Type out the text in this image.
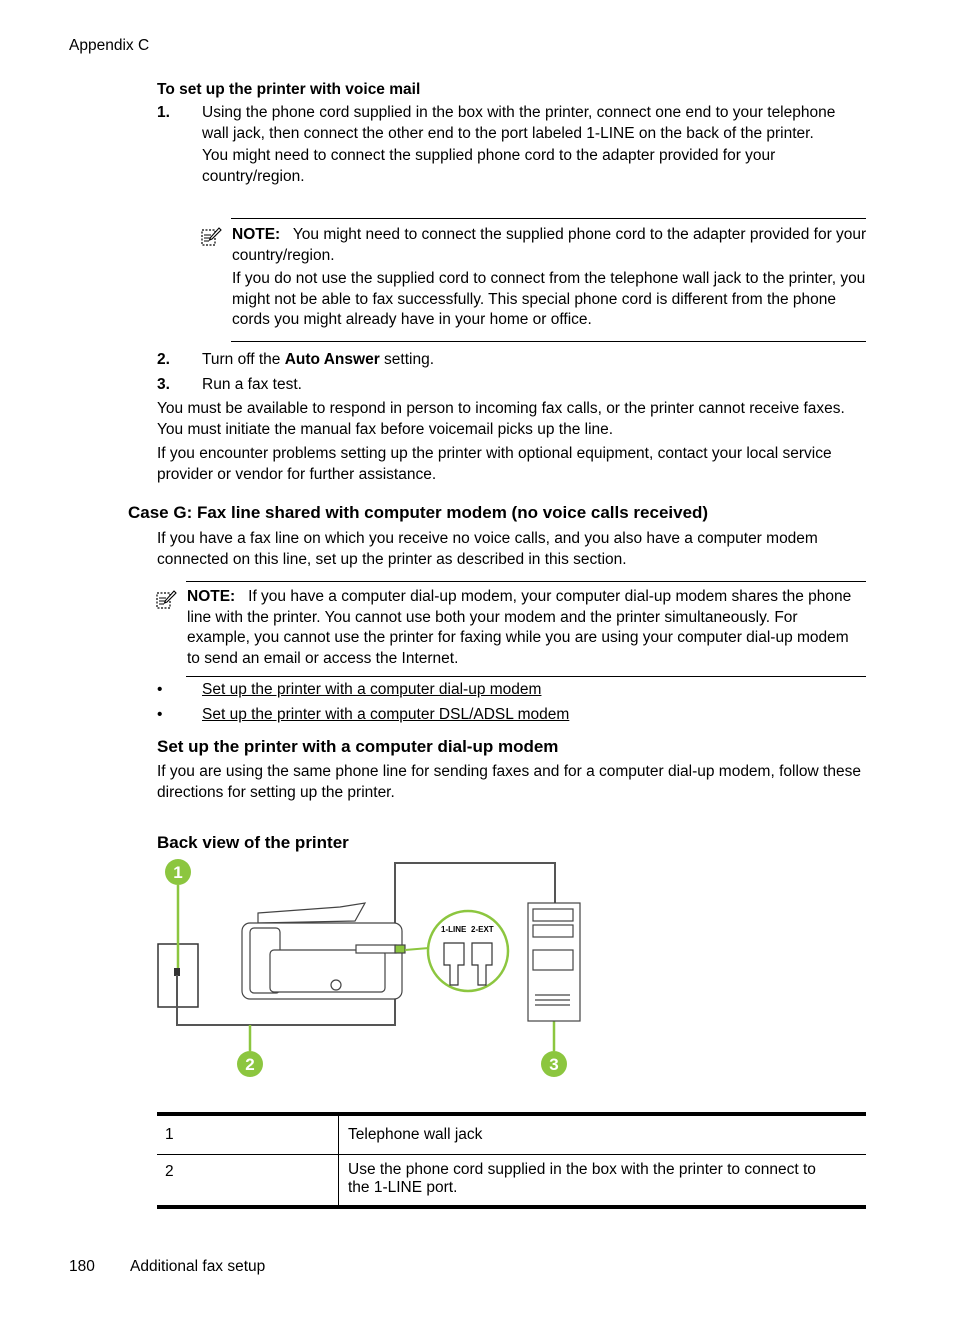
Appendix C
To set up the printer with voice mail
1. Using the phone cord supplied in the box with the printer, connect one end to your telephone wall jack, then connect the other end to the port labeled 1-LINE on the back of the printer.

You might need to connect the supplied phone cord to the adapter provided for your country/region.

NOTE: You might need to connect the supplied phone cord to the adapter provided for your country/region.

If you do not use the supplied cord to connect from the telephone wall jack to the printer, you might not be able to fax successfully. This special phone cord is different from the phone cords you might already have in your home or office.

2. Turn off the Auto Answer setting.
3. Run a fax test.

You must be available to respond in person to incoming fax calls, or the printer cannot receive faxes. You must initiate the manual fax before voicemail picks up the line.

If you encounter problems setting up the printer with optional equipment, contact your local service provider or vendor for further assistance.

Case G: Fax line shared with computer modem (no voice calls received)

If you have a fax line on which you receive no voice calls, and you also have a computer modem connected on this line, set up the printer as described in this section.

NOTE: If you have a computer dial-up modem, your computer dial-up modem shares the phone line with the printer. You cannot use both your modem and the printer simultaneously. For example, you cannot use the printer for faxing while you are using your computer dial-up modem to send an email or access the Internet.

•	Set up the printer with a computer dial-up modem
•	Set up the printer with a computer DSL/ADSL modem
Set up the printer with a computer dial-up modem

If you are using the same phone line for sending faxes and for a computer dial-up modem, follow these directions for setting up the printer.

Back view of the printer
1-LINE 2-EXT
1
2	3
1	Telephone wall jack
2	Use the phone cord supplied in the box with the printer to connect to the 1-LINE port.
180 Additional fax setup
